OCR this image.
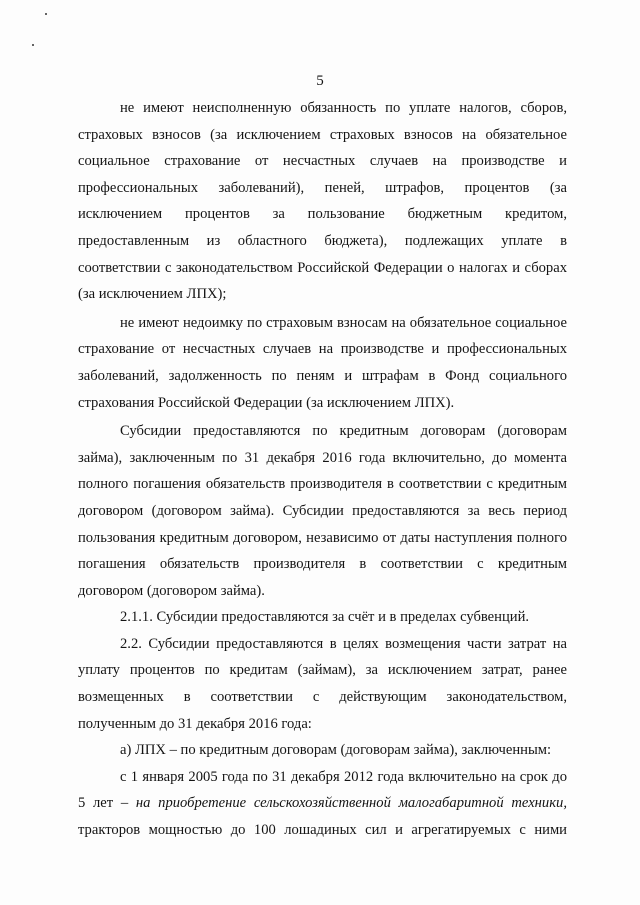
5

не имеют неисполненную обязанность по уплате налогов, сборов, страховых взносов (за исключением страховых взносов на обязательное социальное страхование от несчастных случаев на производстве и профессиональных заболеваний), пеней, штрафов, процентов (за исключением процентов за пользование бюджетным кредитом, предоставленным из областного бюджета), подлежащих уплате в соответствии с законодательством Российской Федерации о налогах и сборах (за исключением ЛПХ);

не имеют недоимку по страховым взносам на обязательное социальное страхование от несчастных случаев на производстве и профессиональных заболеваний, задолженность по пеням и штрафам в Фонд социального страхования Российской Федерации (за исключением ЛПХ).

Субсидии предоставляются по кредитным договорам (договорам займа), заключенным по 31 декабря 2016 года включительно, до момента полного погашения обязательств производителя в соответствии с кредитным договором (договором займа). Субсидии предоставляются за весь период пользования кредитным договором, независимо от даты наступления полного погашения обязательств производителя в соответствии с кредитным договором (договором займа).

2.1.1. Субсидии предоставляются за счёт и в пределах субвенций.

2.2. Субсидии предоставляются в целях возмещения части затрат на уплату процентов по кредитам (займам), за исключением затрат, ранее возмещенных в соответствии с действующим законодательством, полученным до 31 декабря 2016 года:

а) ЛПХ – по кредитным договорам (договорам займа), заключенным:

с 1 января 2005 года по 31 декабря 2012 года включительно на срок до 5 лет – на приобретение сельскохозяйственной малогабаритной техники, тракторов мощностью до 100 лошадиных сил и агрегатируемых с ними
